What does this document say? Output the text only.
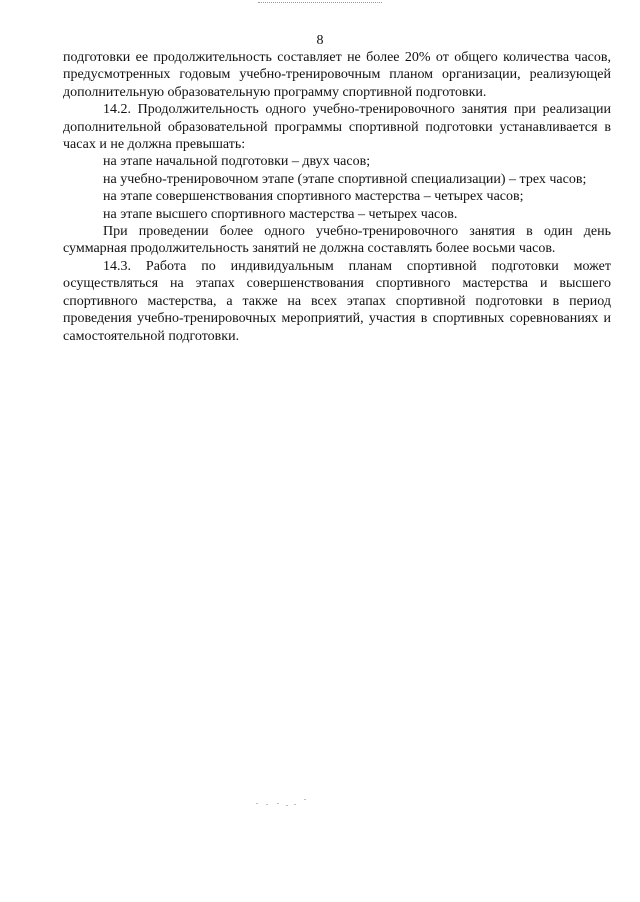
8

подготовки ее продолжительность составляет не более 20% от общего количества часов, предусмотренных годовым учебно-тренировочным планом организации, реализующей дополнительную образовательную программу спортивной подготовки.

14.2. Продолжительность одного учебно-тренировочного занятия при реализации дополнительной образовательной программы спортивной подготовки устанавливается в часах и не должна превышать:

на этапе начальной подготовки – двух часов;

на учебно-тренировочном этапе (этапе спортивной специализации) – трех часов;

на этапе совершенствования спортивного мастерства – четырех часов;

на этапе высшего спортивного мастерства – четырех часов.

При проведении более одного учебно-тренировочного занятия в один день суммарная продолжительность занятий не должна составлять более восьми часов.

14.3. Работа по индивидуальным планам спортивной подготовки может осуществляться на этапах совершенствования спортивного мастерства и высшего спортивного мастерства, а также на всех этапах спортивной подготовки в период проведения учебно-тренировочных мероприятий, участия в спортивных соревнованиях и самостоятельной подготовки.
